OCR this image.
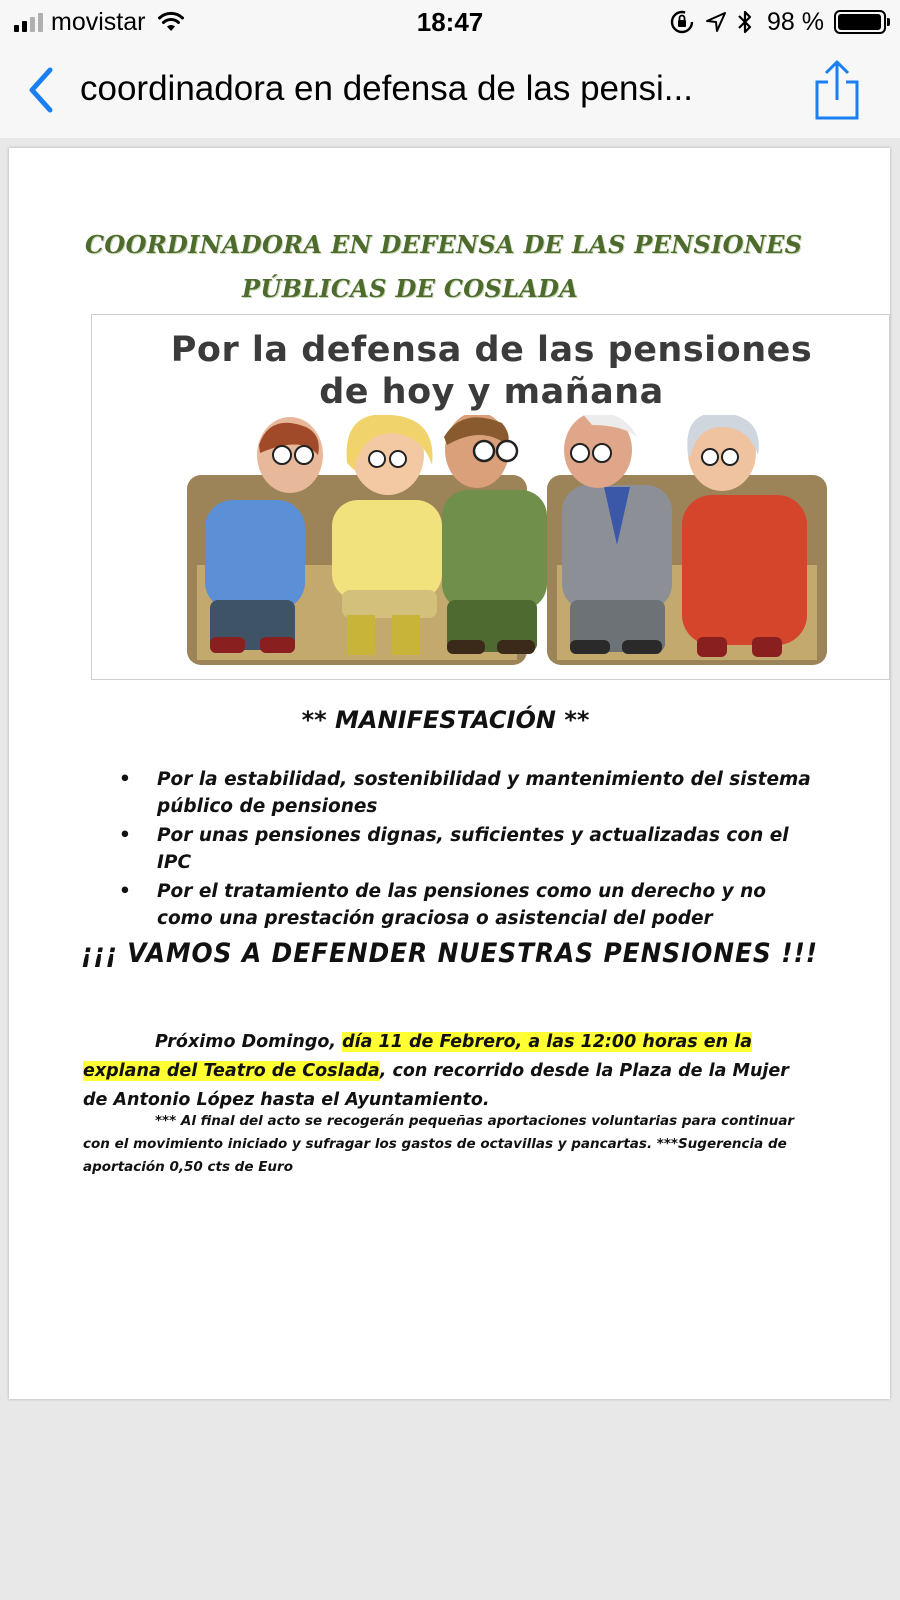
movistar	18:47	98 %
coordinadora en defensa de las pensi...
COORDINADORA EN DEFENSA DE LAS PENSIONES
PÚBLICAS DE COSLADA
Por la defensa de las pensiones
de hoy y mañana
** MANIFESTACIÓN **
• Por la estabilidad, sostenibilidad y mantenimiento del sistema público de pensiones
• Por unas pensiones dignas, suficientes y actualizadas con el IPC
• Por el tratamiento de las pensiones como un derecho y no como una prestación graciosa o asistencial del poder
¡¡¡ VAMOS A DEFENDER NUESTRAS PENSIONES !!!
Próximo Domingo, día 11 de Febrero, a las 12:00 horas en la explana del Teatro de Coslada, con recorrido desde la Plaza de la Mujer de Antonio López hasta el Ayuntamiento.
*** Al final del acto se recogerán pequeñas aportaciones voluntarias para continuar con el movimiento iniciado y sufragar los gastos de octavillas y pancartas. ***Sugerencia de aportación 0,50 cts de Euro
